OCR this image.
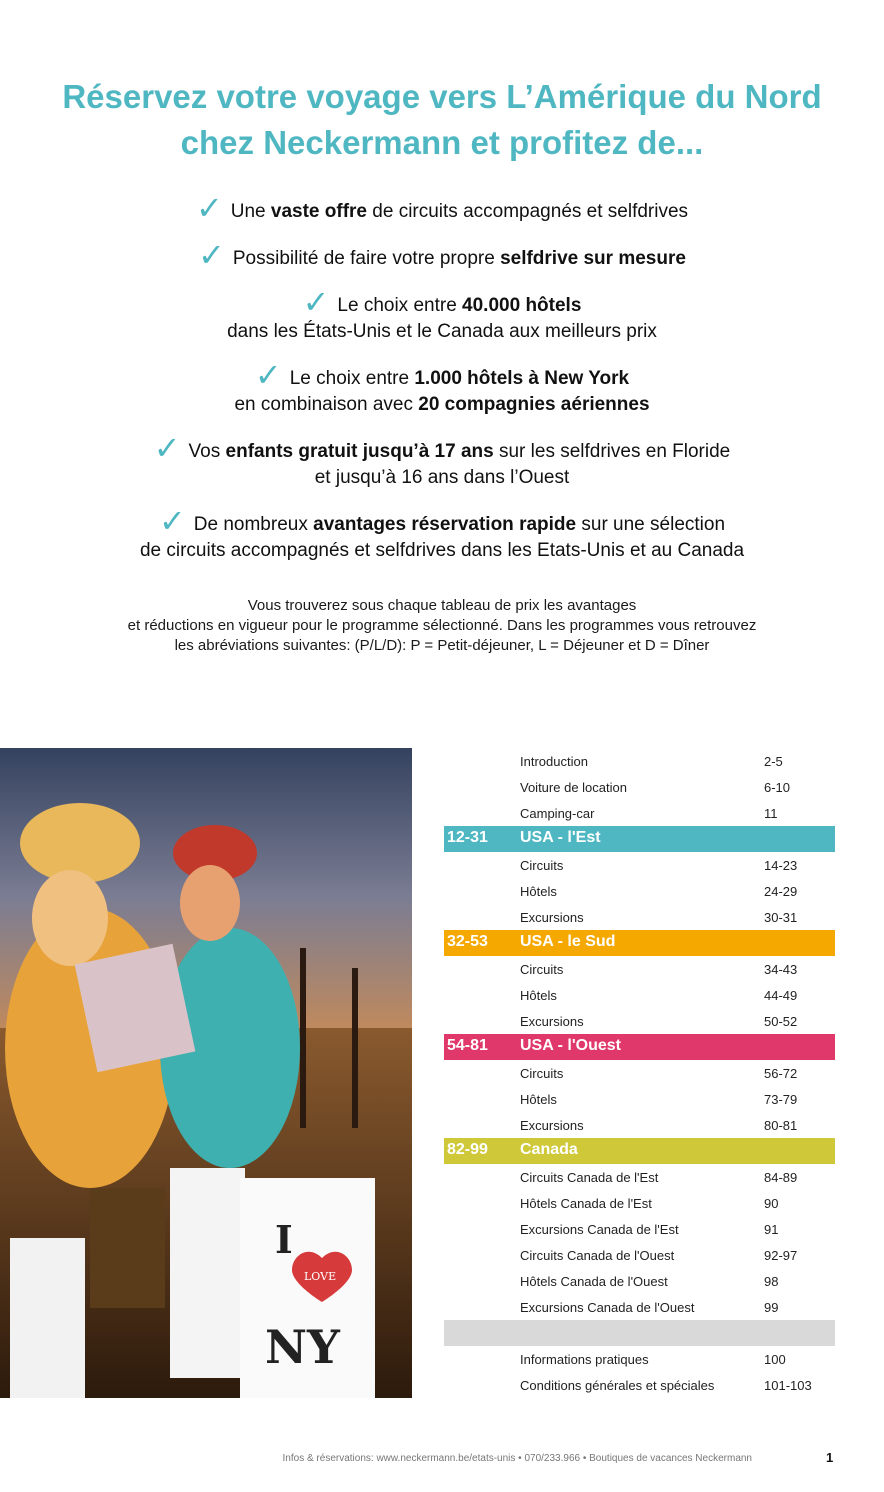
Réservez votre voyage vers L’Amérique du Nord
chez Neckermann et profitez de...
✓ Une vaste offre de circuits accompagnés et selfdrives
✓ Possibilité de faire votre propre selfdrive sur mesure
✓ Le choix entre 40.000 hôtels
dans les États-Unis et le Canada aux meilleurs prix
✓ Le choix entre 1.000 hôtels à New York
en combinaison avec 20 compagnies aériennes
✓ Vos enfants gratuit jusqu’à 17 ans sur les selfdrives en Floride
et jusqu’à 16 ans dans l’Ouest
✓ De nombreux avantages réservation rapide sur une sélection
de circuits accompagnés et selfdrives dans les Etats-Unis et au Canada
Vous trouverez sous chaque tableau de prix les avantages
et réductions en vigueur pour le programme sélectionné. Dans les programmes vous retrouvez
les abréviations suivantes: (P/L/D): P = Petit-déjeuner, L = Déjeuner et D = Dîner
I
LOVE
NY
Introduction	2-5
Voiture de location	6-10
Camping-car	11
12-31 USA - l'Est
Circuits	14-23
Hôtels	24-29
Excursions	30-31
32-53 USA - le Sud
Circuits	34-43
Hôtels	44-49
Excursions	50-52
54-81 USA - l'Ouest
Circuits	56-72
Hôtels	73-79
Excursions	80-81
82-99 Canada
Circuits Canada de l'Est	84-89
Hôtels Canada de l'Est	90
Excursions Canada de l'Est	91
Circuits Canada de l'Ouest	92-97
Hôtels Canada de l'Ouest	98
Excursions Canada de l'Ouest	99
Informations pratiques	100
Conditions générales et spéciales	101-103
Infos & réservations: www.neckermann.be/etats-unis • 070/233.966 • Boutiques de vacances Neckermann	1
